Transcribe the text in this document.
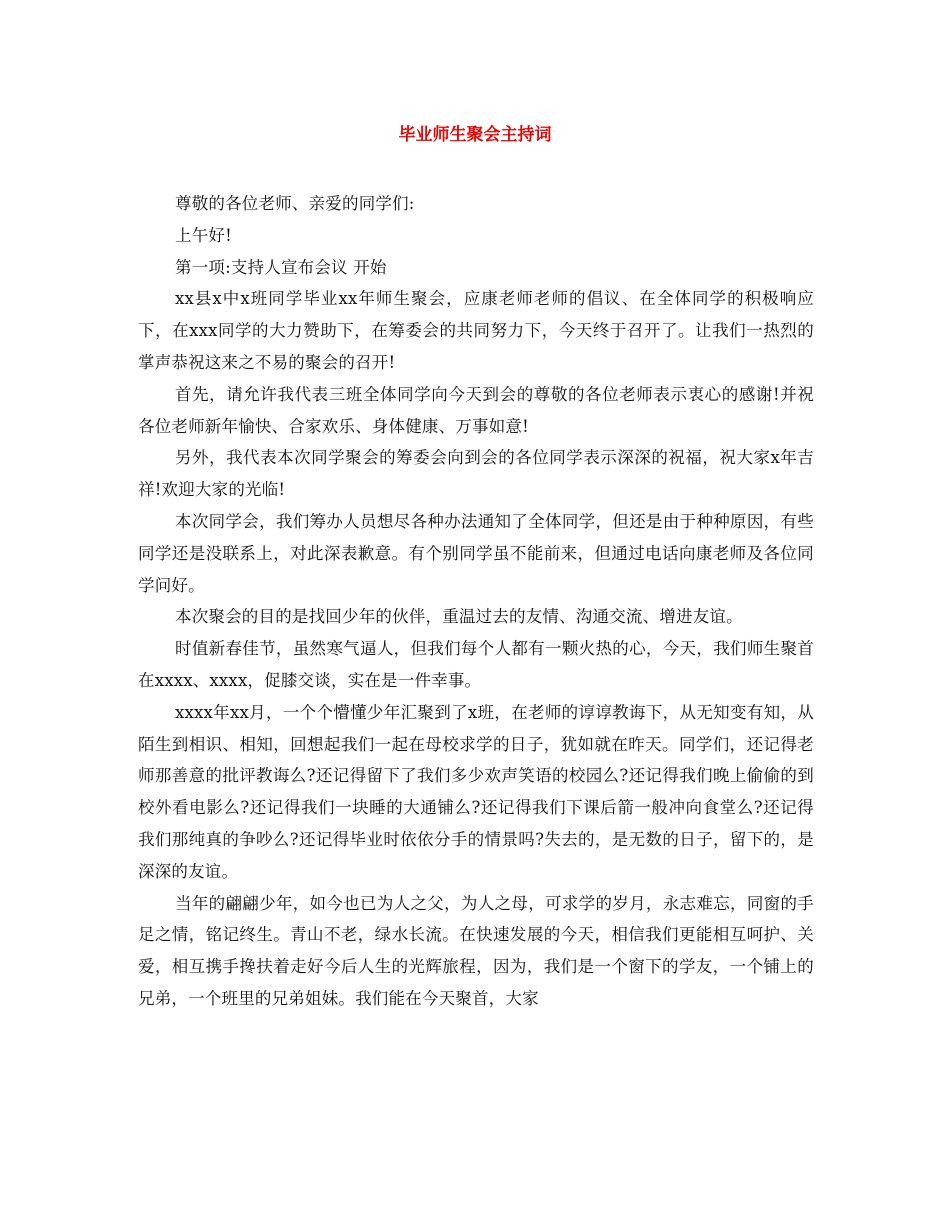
毕业师生聚会主持词

尊敬的各位老师、亲爱的同学们:

上午好!

第一项:支持人宣布会议 开始

xx县x中x班同学毕业xx年师生聚会，应康老师老师的倡议、在全体同学的积极响应下，在xxx同学的大力赞助下，在筹委会的共同努力下，今天终于召开了。让我们一热烈的掌声恭祝这来之不易的聚会的召开!

首先，请允许我代表三班全体同学向今天到会的尊敬的各位老师表示衷心的感谢!并祝各位老师新年愉快、合家欢乐、身体健康、万事如意!

另外，我代表本次同学聚会的筹委会向到会的各位同学表示深深的祝福，祝大家x年吉祥!欢迎大家的光临!

本次同学会，我们筹办人员想尽各种办法通知了全体同学，但还是由于种种原因，有些同学还是没联系上，对此深表歉意。有个别同学虽不能前来，但通过电话向康老师及各位同学问好。

本次聚会的目的是找回少年的伙伴，重温过去的友情、沟通交流、增进友谊。

时值新春佳节，虽然寒气逼人，但我们每个人都有一颗火热的心，今天，我们师生聚首在xxxx、xxxx，促膝交谈，实在是一件幸事。

xxxx年xx月，一个个懵懂少年汇聚到了x班，在老师的谆谆教诲下，从无知变有知，从陌生到相识、相知，回想起我们一起在母校求学的日子，犹如就在昨天。同学们，还记得老师那善意的批评教诲么?还记得留下了我们多少欢声笑语的校园么?还记得我们晚上偷偷的到校外看电影么?还记得我们一块睡的大通铺么?还记得我们下课后箭一般冲向食堂么?还记得我们那纯真的争吵么?还记得毕业时依依分手的情景吗?失去的，是无数的日子，留下的，是深深的友谊。

当年的翩翩少年，如今也已为人之父，为人之母，可求学的岁月，永志难忘，同窗的手足之情，铭记终生。青山不老，绿水长流。在快速发展的今天，相信我们更能相互呵护、关爱，相互携手搀扶着走好今后人生的光辉旅程，因为，我们是一个窗下的学友，一个铺上的兄弟，一个班里的兄弟姐妹。我们能在今天聚首，大家
